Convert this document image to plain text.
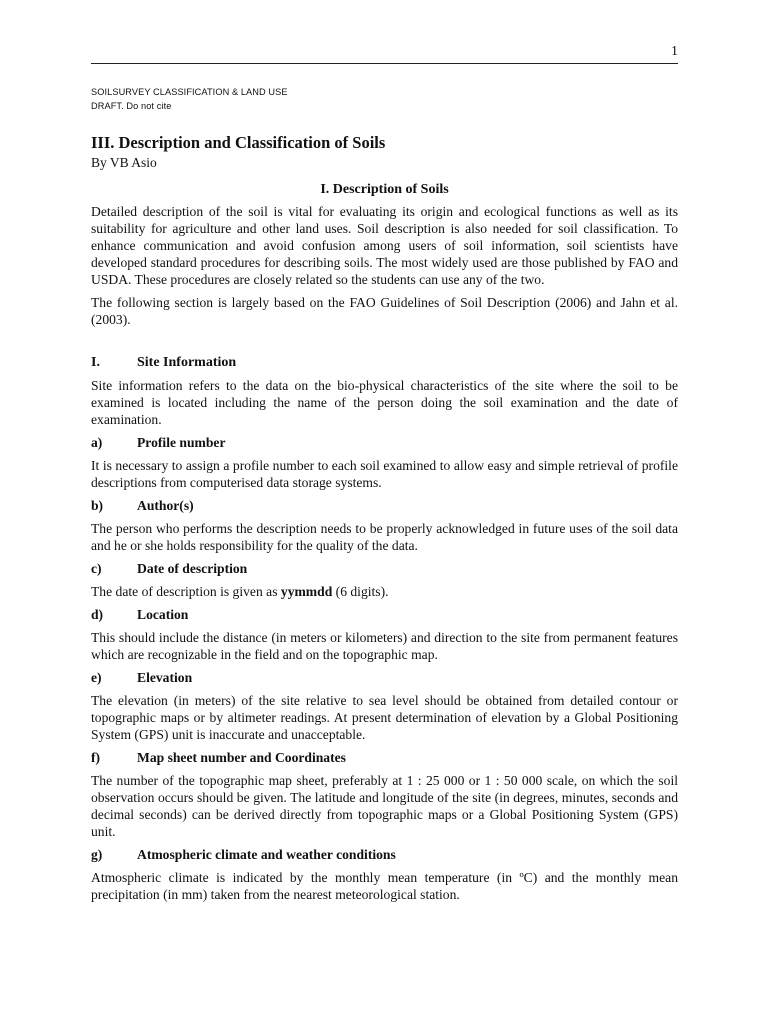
1
SOILSURVEY CLASSIFICATION & LAND USE
DRAFT. Do not cite
III. Description and Classification of Soils
By VB Asio
I. Description of Soils

Detailed description of the soil is vital for evaluating its origin and ecological functions as well as its suitability for agriculture and other land uses. Soil description is also needed for soil classification. To enhance communication and avoid confusion among users of soil information, soil scientists have developed standard procedures for describing soils. The most widely used are those published by FAO and USDA. These procedures are closely related so the students can use any of the two.

The following section is largely based on the FAO Guidelines of Soil Description (2006) and Jahn et al. (2003).

I.	Site Information

Site information refers to the data on the bio-physical characteristics of the site where the soil to be examined is located including the name of the person doing the soil examination and the date of examination.

a)	Profile number

It is necessary to assign a profile number to each soil examined to allow easy and simple retrieval of profile descriptions from computerised data storage systems.

b)	Author(s)

The person who performs the description needs to be properly acknowledged in future uses of the soil data and he or she holds responsibility for the quality of the data.

c)	Date of description

The date of description is given as yymmdd (6 digits).

d)	Location

This should include the distance (in meters or kilometers) and direction to the site from permanent features which are recognizable in the field and on the topographic map.

e)	Elevation

The elevation (in meters) of the site relative to sea level should be obtained from detailed contour or topographic maps or by altimeter readings. At present determination of elevation by a Global Positioning System (GPS) unit is inaccurate and unacceptable.

f)	Map sheet number and Coordinates

The number of the topographic map sheet, preferably at 1 : 25 000 or 1 : 50 000 scale, on which the soil observation occurs should be given. The latitude and longitude of the site (in degrees, minutes, seconds and decimal seconds) can be derived directly from topographic maps or a Global Positioning System (GPS) unit.

g)	Atmospheric climate and weather conditions

Atmospheric climate is indicated by the monthly mean temperature (in ºC) and the monthly mean precipitation (in mm) taken from the nearest meteorological station.
